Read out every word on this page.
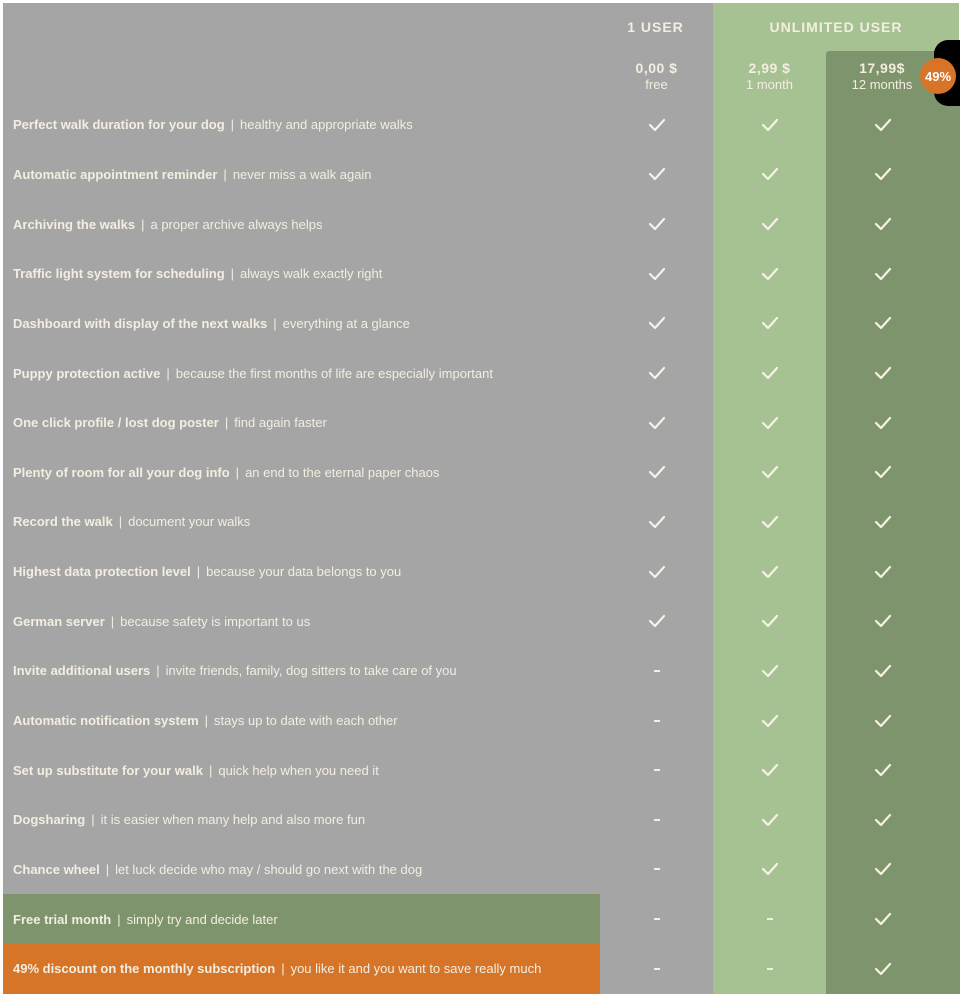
1 USER	UNLIMITED USER
0,00 $
free
2,99 $
1 month
17,99$
12 months
49%
Perfect walk duration for your dog | healthy and appropriate walks
Automatic appointment reminder | never miss a walk again
Archiving the walks | a proper archive always helps
Traffic light system for scheduling | always walk exactly right
Dashboard with display of the next walks | everything at a glance
Puppy protection active | because the first months of life are especially important
One click profile / lost dog poster | find again faster
Plenty of room for all your dog info | an end to the eternal paper chaos
Record the walk | document your walks
Highest data protection level | because your data belongs to you
German server | because safety is important to us
Invite additional users | invite friends, family, dog sitters to take care of you
Automatic notification system | stays up to date with each other
Set up substitute for your walk | quick help when you need it
Dogsharing | it is easier when many help and also more fun
Chance wheel | let luck decide who may / should go next with the dog
Free trial month | simply try and decide later
49% discount on the monthly subscription | you like it and you want to save really much
